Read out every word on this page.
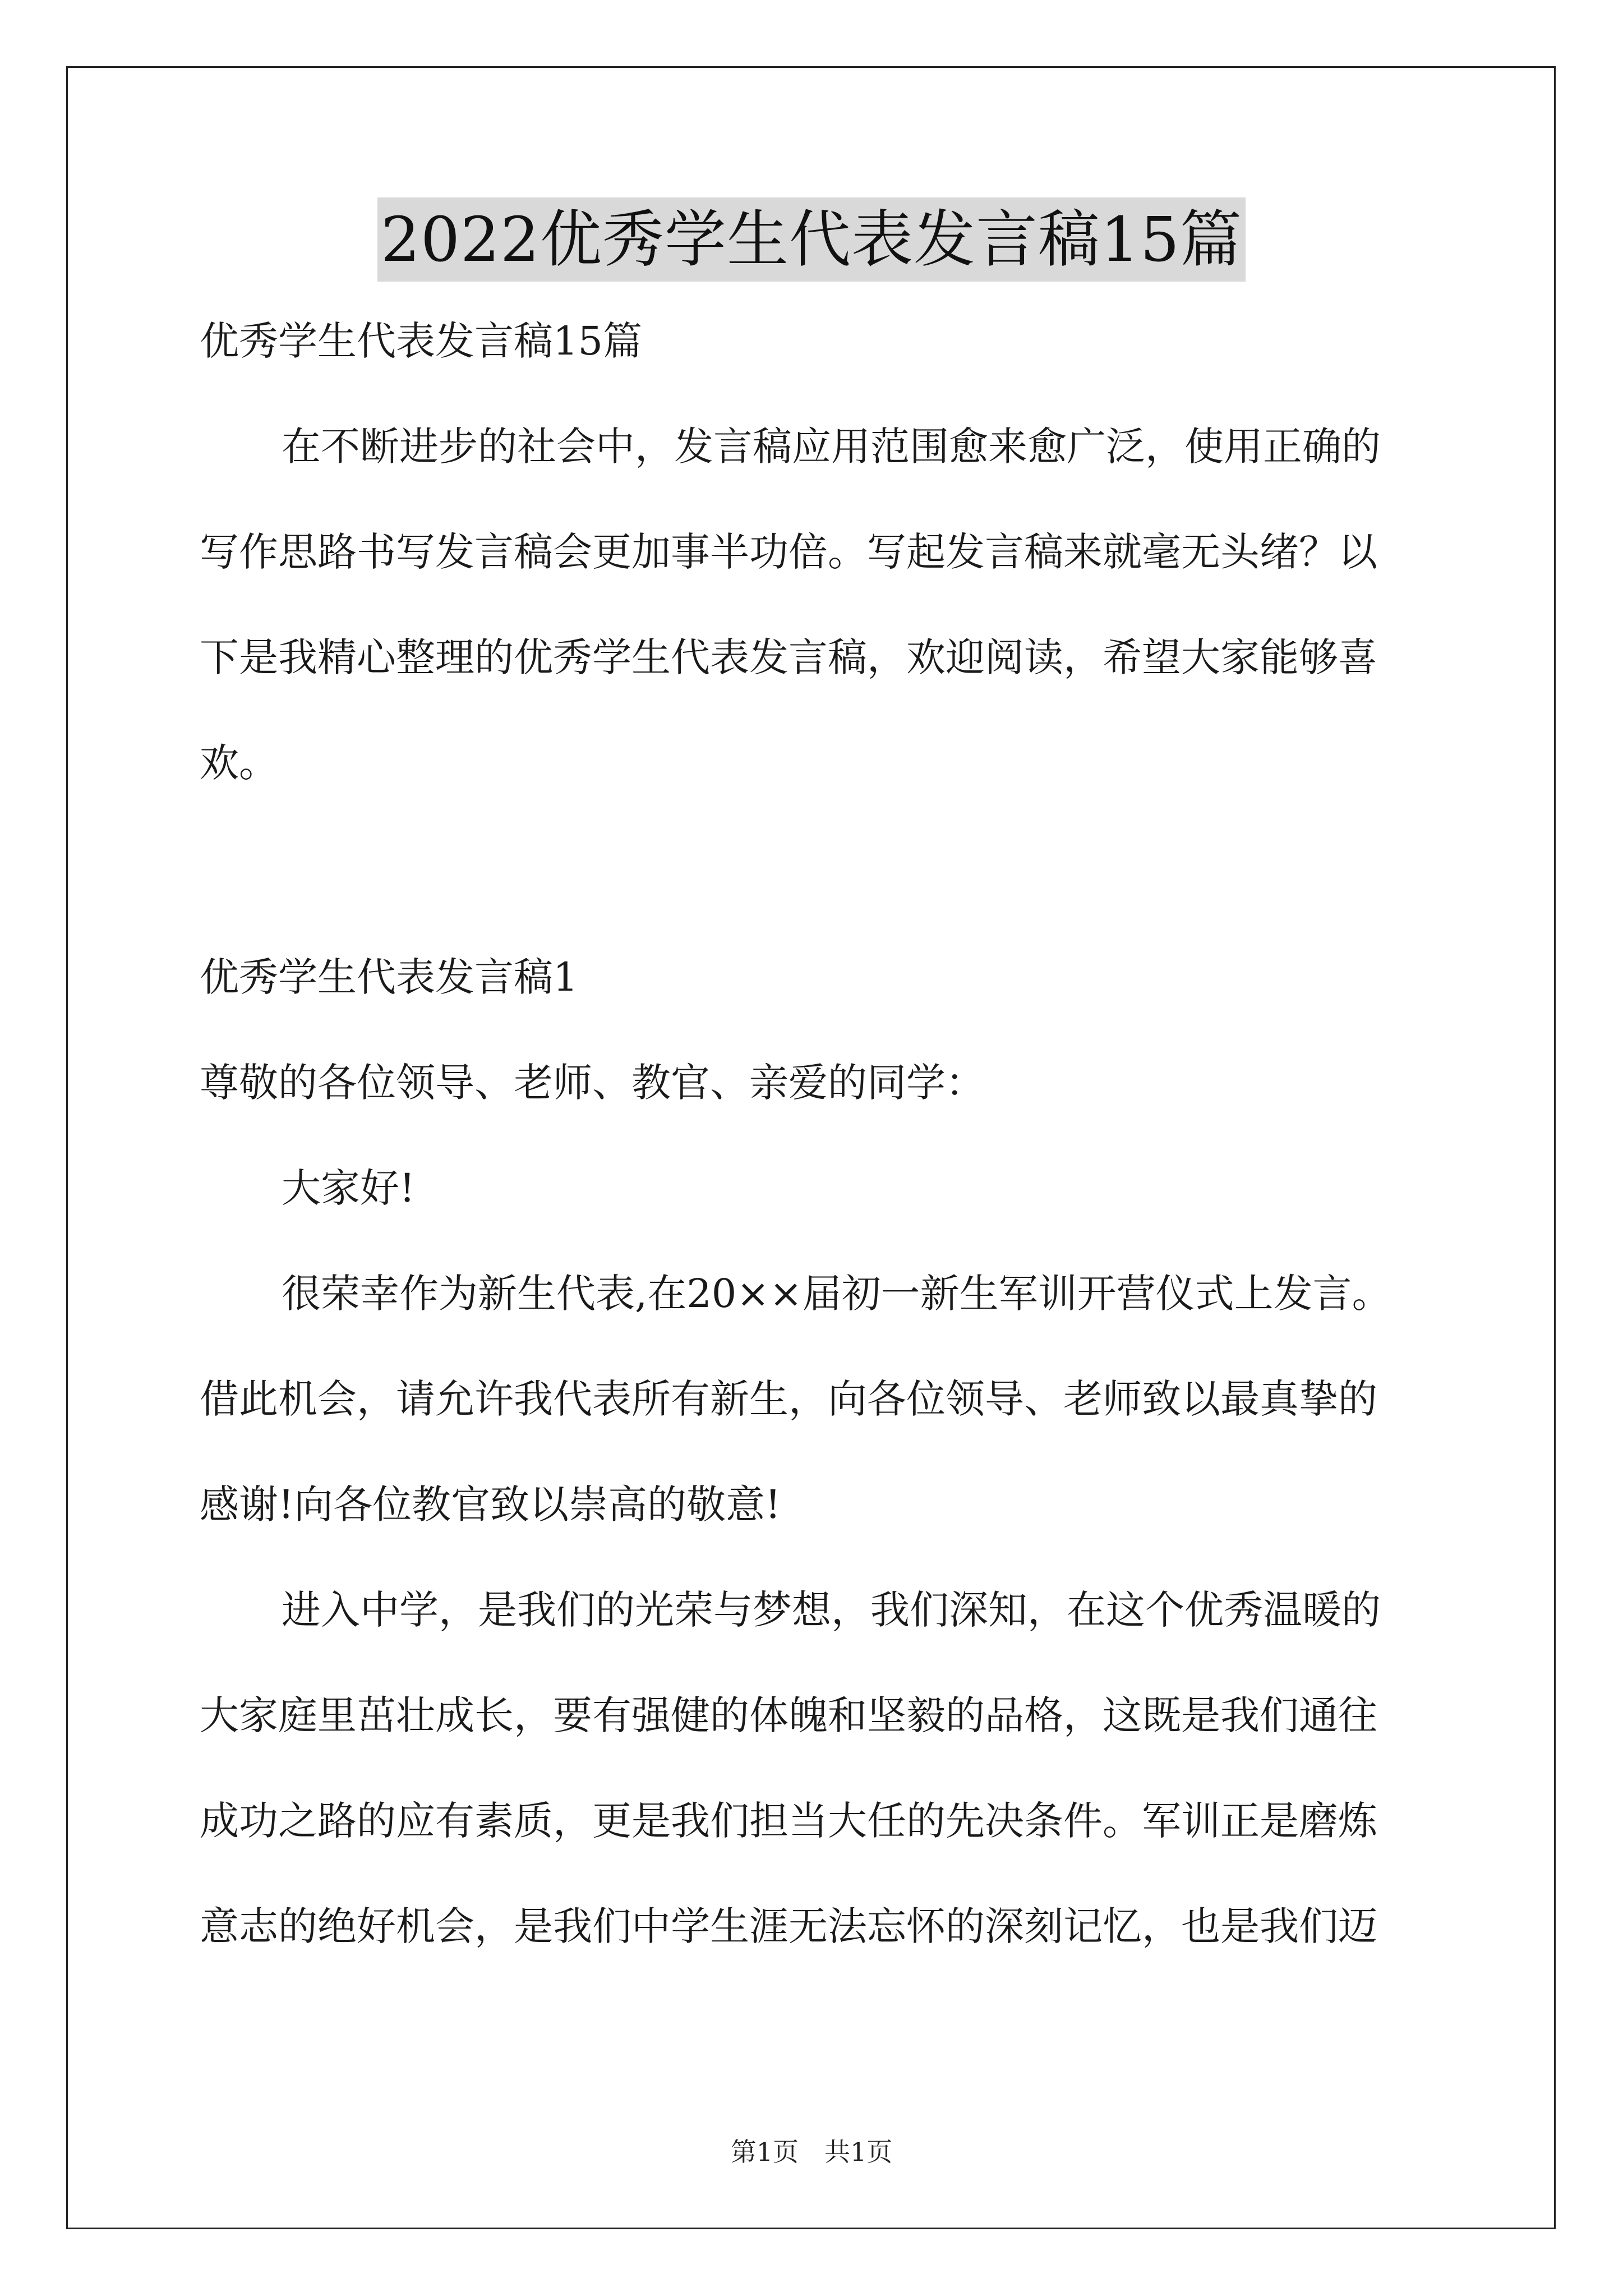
2022优秀学生代表发言稿15篇

优秀学生代表发言稿15篇

在不断进步的社会中，发言稿应用范围愈来愈广泛，使用正确的

写作思路书写发言稿会更加事半功倍。写起发言稿来就毫无头绪？以

下是我精心整理的优秀学生代表发言稿，欢迎阅读，希望大家能够喜

欢。

优秀学生代表发言稿1

尊敬的各位领导、老师、教官、亲爱的同学：

大家好!

很荣幸作为新生代表,在20××届初一新生军训开营仪式上发言。

借此机会，请允许我代表所有新生，向各位领导、老师致以最真挚的

感谢!向各位教官致以崇高的敬意!

进入中学，是我们的光荣与梦想，我们深知，在这个优秀温暖的

大家庭里茁壮成长，要有强健的体魄和坚毅的品格，这既是我们通往

成功之路的应有素质，更是我们担当大任的先决条件。军训正是磨炼

意志的绝好机会，是我们中学生涯无法忘怀的深刻记忆，也是我们迈

第1页　共1页
